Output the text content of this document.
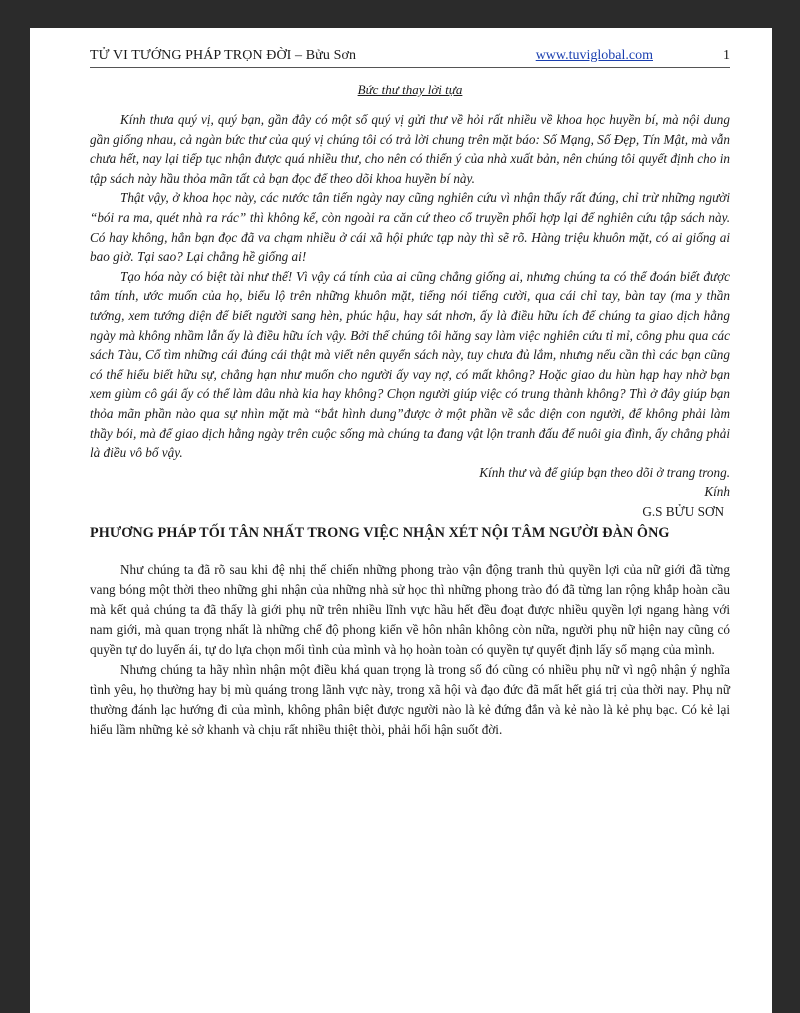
TỬ VI TƯỚNG PHÁP TRỌN ĐỜI – Bửu Sơn	www.tuviglobal.com	1
Bức thư thay lời tựa

Kính thưa quý vị, quý bạn, gần đây có một số quý vị gửi thư về hỏi rất nhiều về khoa học huyền bí, mà nội dung gần giống nhau, cả ngàn bức thư của quý vị chúng tôi có trả lời chung trên mặt báo: Số Mạng, Số Đẹp, Tín Mật, mà vẫn chưa hết, nay lại tiếp tục nhận được quá nhiều thư, cho nên có thiển ý của nhà xuất bản, nên chúng tôi quyết định cho in tập sách này hầu thỏa mãn tất cả bạn đọc để theo dõi khoa huyền bí này.

Thật vậy, ở khoa học này, các nước tân tiến ngày nay cũng nghiên cứu vì nhận thấy rất đúng, chỉ trừ những người “bói ra ma, quét nhà ra rác” thì không kể, còn ngoài ra căn cứ theo cổ truyền phối hợp lại để nghiên cứu tập sách này. Có hay không, hẳn bạn đọc đã va chạm nhiều ở cái xã hội phức tạp này thì sẽ rõ. Hàng triệu khuôn mặt, có ai giống ai bao giờ. Tại sao? Lại chẳng hề giống ai!

Tạo hóa này có biệt tài như thế! Vì vậy cá tính của ai cũng chẳng giống ai, nhưng chúng ta có thể đoán biết được tâm tính, ước muốn của họ, biểu lộ trên những khuôn mặt, tiếng nói tiếng cười, qua cái chỉ tay, bàn tay (ma y thần tướng, xem tướng diện để biết người sang hèn, phúc hậu, hay sát nhơn, ấy là điều hữu ích để chúng ta giao dịch hằng ngày mà không nhầm lẫn ấy là điều hữu ích vậy. Bởi thế chúng tôi hăng say làm việc nghiên cứu tỉ mỉ, công phu qua các sách Tàu, Cổ tìm những cái đúng cái thật mà viết nên quyển sách này, tuy chưa đủ lắm, nhưng nếu cần thì các bạn cũng có thể hiểu biết hữu sự, chẳng hạn như muốn cho người ấy vay nợ, có mất không? Hoặc giao du hùn hạp hay nhờ bạn xem giùm cô gái ấy có thể làm dâu nhà kia hay không? Chọn người giúp việc có trung thành không? Thì ở đây giúp bạn thỏa mãn phần nào qua sự nhìn mặt mà “bắt hình dung”được ở một phần về sắc diện con người, để không phải làm thầy bói, mà để giao dịch hằng ngày trên cuộc sống mà chúng ta đang vật lộn tranh đấu để nuôi gia đình, ấy chẳng phải là điều vô bổ vậy.

Kính thư và để giúp bạn theo dõi ở trang trong.
Kính
G.S BỬU SƠN
PHƯƠNG PHÁP TỐI TÂN NHẤT TRONG VIỆC NHẬN XÉT NỘI TÂM NGƯỜI ĐÀN ÔNG

Như chúng ta đã rõ sau khi đệ nhị thế chiến những phong trào vận động tranh thủ quyền lợi của nữ giới đã từng vang bóng một thời theo những ghi nhận của những nhà sử học thì những phong trào đó đã từng lan rộng khắp hoàn cầu mà kết quả chúng ta đã thấy là giới phụ nữ trên nhiều lĩnh vực hầu hết đều đoạt được nhiều quyền lợi ngang hàng với nam giới, mà quan trọng nhất là những chế độ phong kiến về hôn nhân không còn nữa, người phụ nữ hiện nay cũng có quyền tự do luyến ái, tự do lựa chọn mối tình của mình và họ hoàn toàn có quyền tự quyết định lấy số mạng của mình.

Nhưng chúng ta hãy nhìn nhận một điều khá quan trọng là trong số đó cũng có nhiều phụ nữ vì ngộ nhận ý nghĩa tình yêu, họ thường hay bị mù quáng trong lãnh vực này, trong xã hội và đạo đức đã mất hết giá trị của thời nay. Phụ nữ thường đánh lạc hướng đi của mình, không phân biệt được người nào là kẻ đứng đắn và kẻ nào là kẻ phụ bạc. Có kẻ lại hiểu lầm những kẻ sở khanh và chịu rất nhiều thiệt thòi, phải hối hận suốt đời.
